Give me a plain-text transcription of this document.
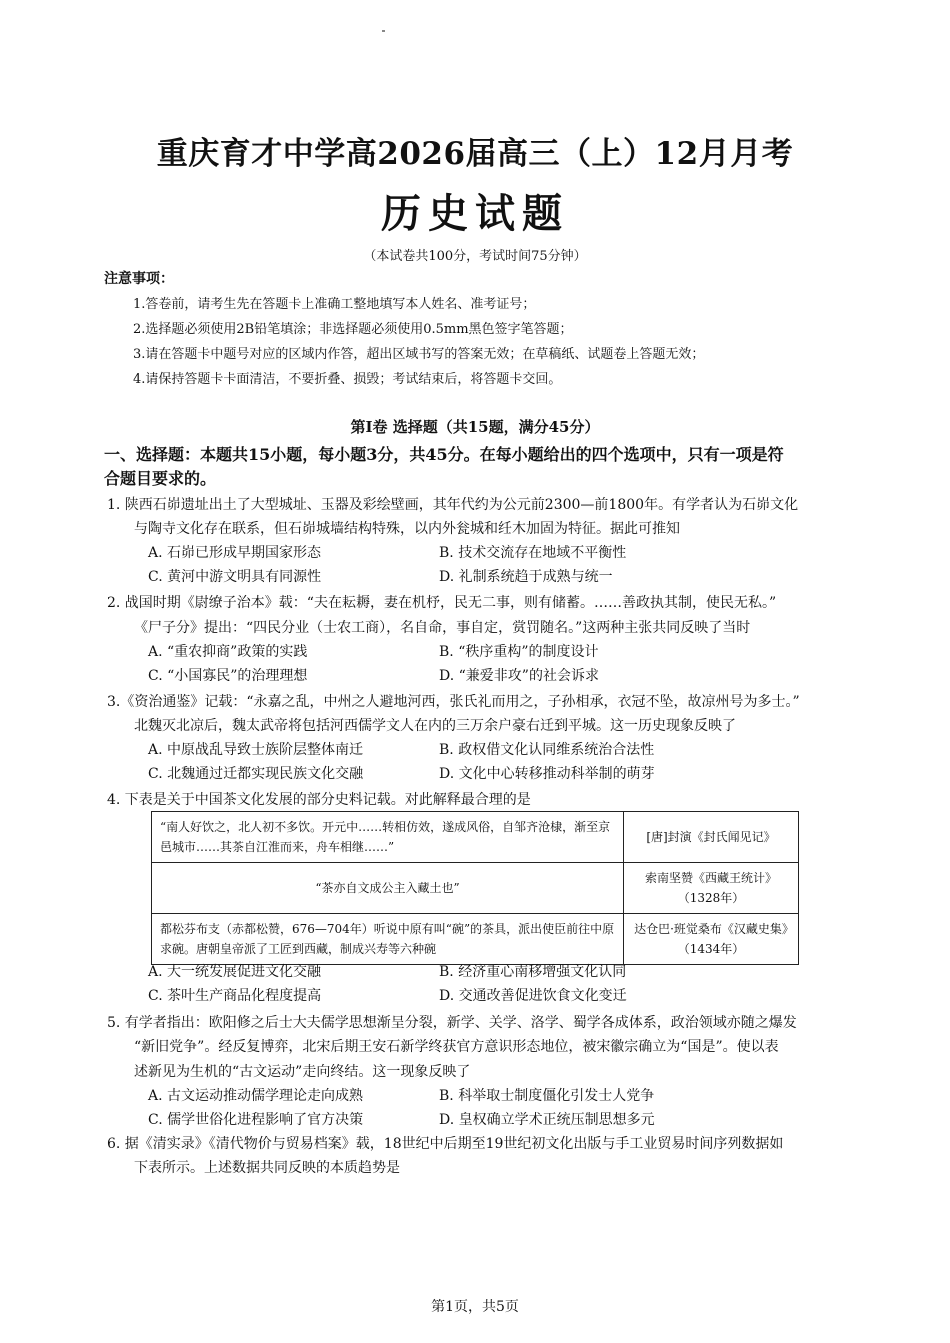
重庆育才中学高2026届高三（上）12月月考
历史试题
（本试卷共100分，考试时间75分钟）
注意事项：
1.答卷前，请考生先在答题卡上准确工整地填写本人姓名、准考证号；
2.选择题必须使用2B铅笔填涂；非选择题必须使用0.5mm黑色签字笔答题；
3.请在答题卡中题号对应的区域内作答，超出区域书写的答案无效；在草稿纸、试题卷上答题无效；
4.请保持答题卡卡面清洁，不要折叠、损毁；考试结束后，将答题卡交回。
第Ⅰ卷 选择题（共15题，满分45分）
一、选择题：本题共15小题，每小题3分，共45分。在每小题给出的四个选项中，只有一项是符
合题目要求的。
1. 陕西石峁遗址出土了大型城址、玉器及彩绘壁画，其年代约为公元前2300—前1800年。有学者认为石峁文化
与陶寺文化存在联系，但石峁城墙结构特殊，以内外瓮城和纴木加固为特征。据此可推知
A. 石峁已形成早期国家形态	B. 技术交流存在地域不平衡性
C. 黄河中游文明具有同源性	D. 礼制系统趋于成熟与统一
2. 战国时期《尉缭子治本》载：“夫在耘耨，妻在机杼，民无二事，则有储蓄。……善政执其制，使民无私。”
《尸子分》提出：“四民分业（士农工商），名自命，事自定，赏罚随名。”这两种主张共同反映了当时
A. “重农抑商”政策的实践	B. “秩序重构”的制度设计
C. “小国寡民”的治理理想	D. “兼爱非攻”的社会诉求
3.《资治通鉴》记载：“永嘉之乱，中州之人避地河西，张氏礼而用之，子孙相承，衣冠不坠，故凉州号为多士。”
北魏灭北凉后，魏太武帝将包括河西儒学文人在内的三万余户豪右迁到平城。这一历史现象反映了
A. 中原战乱导致士族阶层整体南迁	B. 政权借文化认同维系统治合法性
C. 北魏通过迁都实现民族文化交融	D. 文化中心转移推动科举制的萌芽
4. 下表是关于中国茶文化发展的部分史料记载。对此解释最合理的是
“南人好饮之，北人初不多饮。开元中……转相仿效，遂成风俗，自邹齐沧棣，渐至京邑城市……其茶自江淮而来，舟车相继……”	[唐]封演《封氏闻见记》
“茶亦自文成公主入藏土也”	索南坚赞《西藏王统计》（1328年）
都松芬布支（赤都松赞，676—704年）听说中原有叫“碗”的茶具，派出使臣前往中原求碗。唐朝皇帝派了工匠到西藏，制成兴寿等六种碗	达仓巴·班觉桑布《汉藏史集》（1434年）
A. 大一统发展促进文化交融	B. 经济重心南移增强文化认同
C. 茶叶生产商品化程度提高	D. 交通改善促进饮食文化变迁
5. 有学者指出：欧阳修之后士大夫儒学思想渐呈分裂，新学、关学、洛学、蜀学各成体系，政治领域亦随之爆发
“新旧党争”。经反复博弈，北宋后期王安石新学终获官方意识形态地位，被宋徽宗确立为“国是”。使以表
述新见为生机的“古文运动”走向终结。这一现象反映了
A. 古文运动推动儒学理论走向成熟	B. 科举取士制度僵化引发士人党争
C. 儒学世俗化进程影响了官方决策	D. 皇权确立学术正统压制思想多元
6. 据《清实录》《清代物价与贸易档案》载，18世纪中后期至19世纪初文化出版与手工业贸易时间序列数据如
下表所示。上述数据共同反映的本质趋势是
第1页，共5页
